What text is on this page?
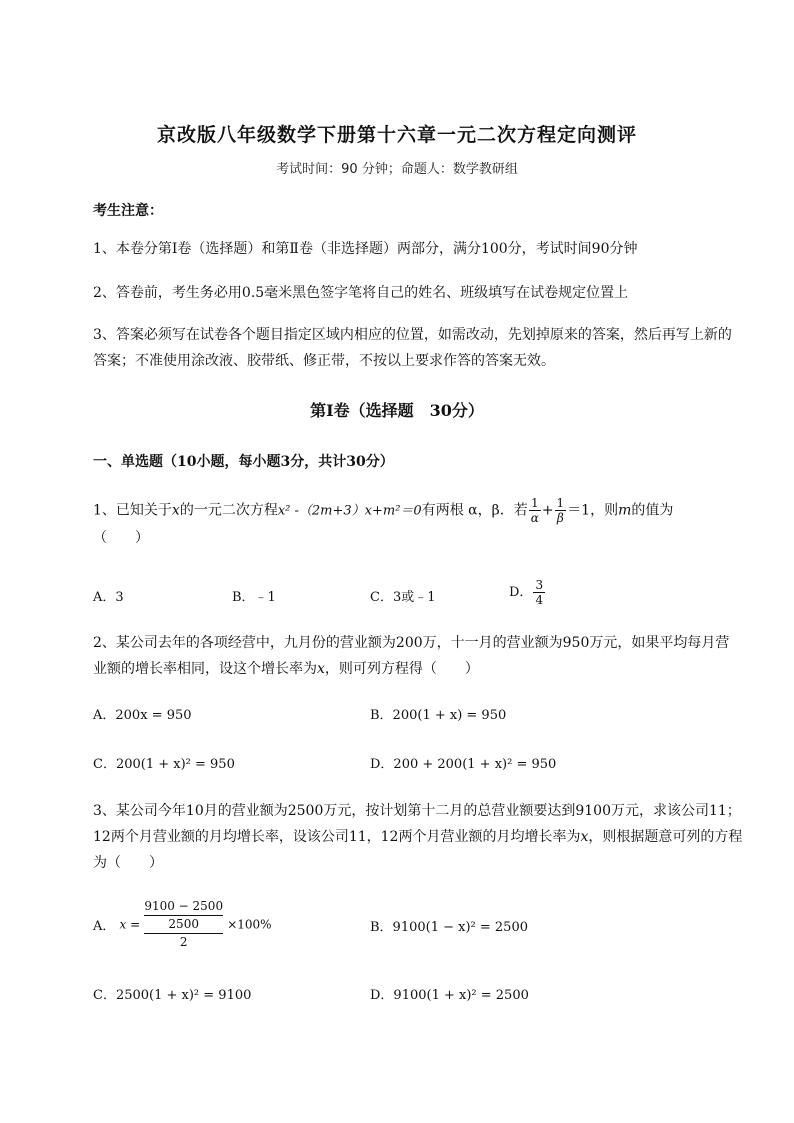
京改版八年级数学下册第十六章一元二次方程定向测评
考试时间：90 分钟；命题人：数学教研组
考生注意：
1、本卷分第I卷（选择题）和第Ⅱ卷（非选择题）两部分，满分100分，考试时间90分钟
2、答卷前，考生务必用0.5毫米黑色签字笔将自己的姓名、班级填写在试卷规定位置上
3、答案必须写在试卷各个题目指定区域内相应的位置，如需改动，先划掉原来的答案，然后再写上新的答案；不准使用涂改液、胶带纸、修正带，不按以上要求作答的答案无效。
第I卷（选择题　30分）
一、单选题（10小题，每小题3分，共计30分）
1、已知关于x的一元二次方程x² -（2m+3）x+m²＝0有两根 α，β．若 $\frac{1}{\alpha} + \frac{1}{\beta} =1$，则m的值为
（　　）
A．3	B．﹣1	C．3或﹣1	D． $\frac{3}{4}$
2、某公司去年的各项经营中，九月份的营业额为200万，十一月的营业额为950万元，如果平均每月营业额的增长率相同，设这个增长率为x，则可列方程得（　　）
A．200x = 950	B．200(1 + x) = 950
C．200(1 + x)² = 950	D．200 + 200(1 + x)² = 950
3、某公司今年10月的营业额为2500万元，按计划第十二月的总营业额要达到9100万元，求该公司11；12两个月营业额的月均增长率，设该公司11，12两个月营业额的月均增长率为x，则根据题意可列的方程为（　　）
A． x =
9100 − 2500
2500
2
×100%	B．9100(1 − x)² = 2500
C．2500(1 + x)² = 9100	D．9100(1 + x)² = 2500
